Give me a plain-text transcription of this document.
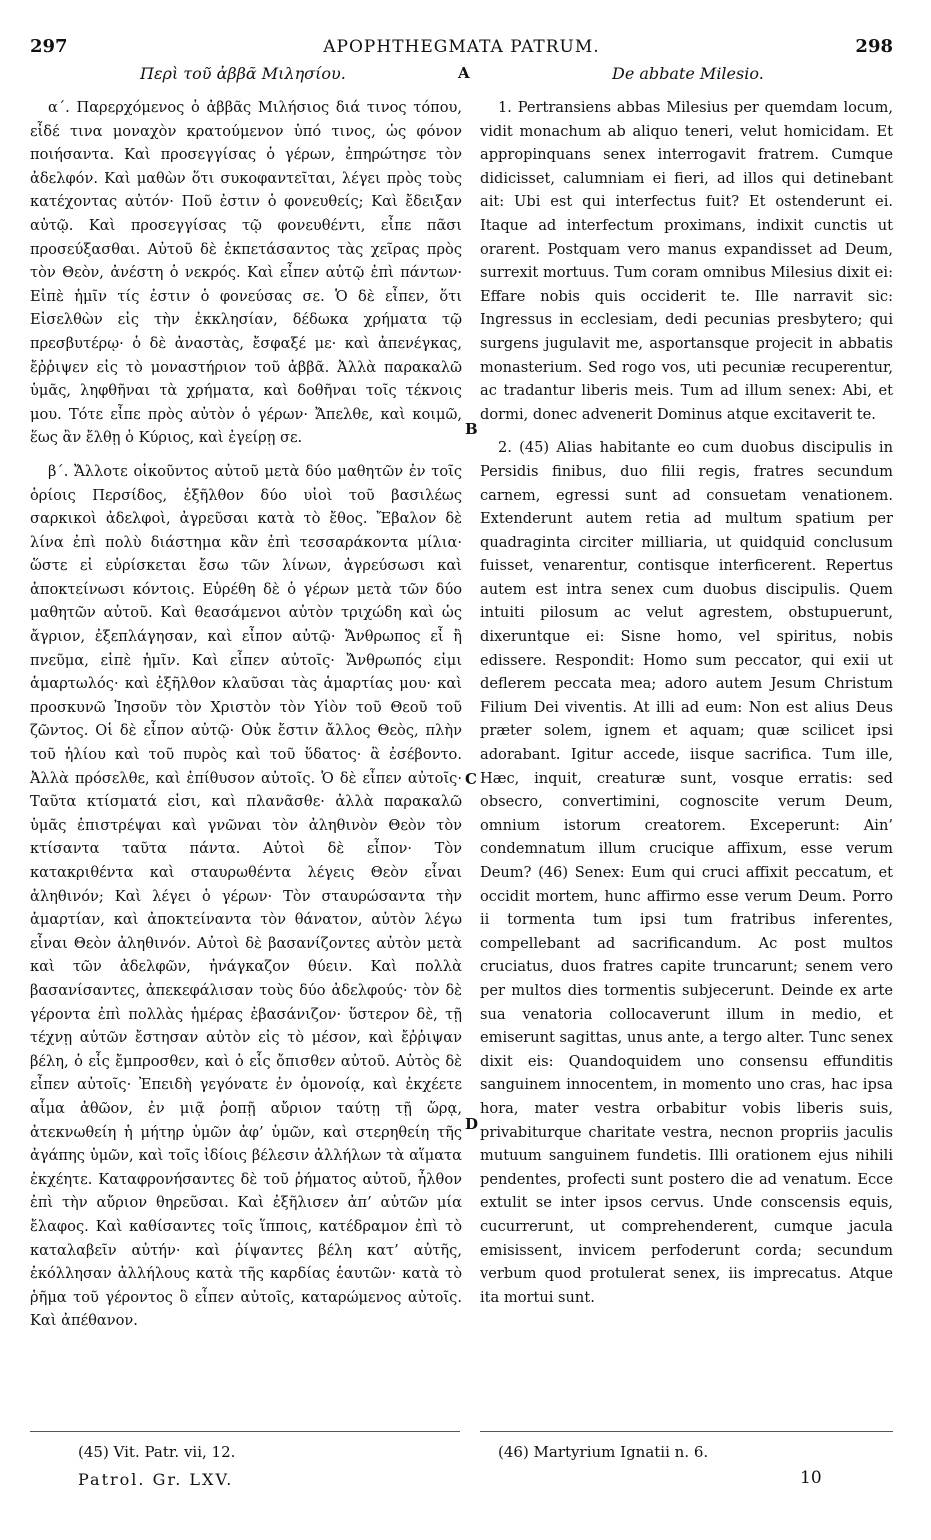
297	ΑΡΟΡΗΤΗΕGMATA PATRUM.	298
Περὶ τοῦ ἀββᾶ Μιλησίου.	A	De abbate Milesio.

α΄. Παρερχόμενος ὁ ἀββᾶς Μιλήσιος διά τινος τόπου, εἶδέ τινα μοναχὸν κρατούμενον ὑπό τινος, ὡς φόνον ποιήσαντα. Καὶ προσεγγίσας ὁ γέρων, ἐπηρώτησε τὸν ἀδελφόν. Καὶ μαθὼν ὅτι συκοφαντεῖται, λέγει πρὸς τοὺς κατέχοντας αὐτόν· Ποῦ ἐστιν ὁ φονευθείς; Καὶ ἔδειξαν αὐτῷ. Καὶ προσεγγίσας τῷ φονευθέντι, εἶπε πᾶσι προσεύξασθαι. Αὐτοῦ δὲ ἐκπετάσαντος τὰς χεῖρας πρὸς τὸν Θεὸν, ἀνέστη ὁ νεκρός. Καὶ εἶπεν αὐτῷ ἐπὶ πάντων· Εἰπὲ ἡμῖν τίς ἐστιν ὁ φονεύσας σε. Ὁ δὲ εἶπεν, ὅτι Εἰσελθὼν εἰς τὴν ἐκκλησίαν, δέδωκα χρήματα τῷ πρεσβυτέρῳ· ὁ δὲ ἀναστὰς, ἔσφαξέ με· καὶ ἀπενέγκας, ἔῤῥιψεν εἰς τὸ μοναστήριον τοῦ ἀββᾶ. Ἀλλὰ παρακαλῶ ὑμᾶς, ληφθῆναι τὰ χρήματα, καὶ δοθῆναι τοῖς τέκνοις μου. Τότε εἶπε πρὸς αὐτὸν ὁ γέρων· Ἄπελθε, καὶ κοιμῶ, ἕως ἂν ἔλθῃ ὁ Κύριος, καὶ ἐγείρῃ σε.

β΄. Ἄλλοτε οἰκοῦντος αὐτοῦ μετὰ δύο μαθητῶν ἐν τοῖς ὁρίοις Περσίδος, ἐξῆλθον δύο υἱοὶ τοῦ βασιλέως σαρκικοὶ ἀδελφοὶ, ἀγρεῦσαι κατὰ τὸ ἔθος. Ἔβαλον δὲ λίνα ἐπὶ πολὺ διάστημα κἂν ἐπὶ τεσσαράκοντα μίλια· ὥστε εἰ εὑρίσκεται ἔσω τῶν λίνων, ἀγρεύσωσι καὶ ἀποκτείνωσι κόντοις. Εὑρέθη δὲ ὁ γέρων μετὰ τῶν δύο μαθητῶν αὐτοῦ. Καὶ θεασάμενοι αὐτὸν τριχώδη καὶ ὡς ἄγριον, ἐξεπλάγησαν, καὶ εἶπον αὐτῷ· Ἄνθρωπος εἶ ἢ πνεῦμα, εἰπὲ ἡμῖν. Καὶ εἶπεν αὐτοῖς· Ἄνθρωπός εἰμι ἁμαρτωλός· καὶ ἐξῆλθον κλαῦσαι τὰς ἁμαρτίας μου· καὶ προσκυνῶ Ἰησοῦν τὸν Χριστὸν τὸν Υἱὸν τοῦ Θεοῦ τοῦ ζῶντος. Οἱ δὲ εἶπον αὐτῷ· Οὐκ ἔστιν ἄλλος Θεὸς, πλὴν τοῦ ἡλίου καὶ τοῦ πυρὸς καὶ τοῦ ὕδατος· ἃ ἐσέβοντο. Ἀλλὰ πρόσελθε, καὶ ἐπίθυσον αὐτοῖς. Ὁ δὲ εἶπεν αὐτοῖς· Ταῦτα κτίσματά εἰσι, καὶ πλανᾶσθε· ἀλλὰ παρακαλῶ ὑμᾶς ἐπιστρέψαι καὶ γνῶναι τὸν ἀληθινὸν Θεὸν τὸν κτίσαντα ταῦτα πάντα. Αὐτοὶ δὲ εἶπον· Τὸν κατακριθέντα καὶ σταυρωθέντα λέγεις Θεὸν εἶναι ἀληθινόν; Καὶ λέγει ὁ γέρων· Τὸν σταυρώσαντα τὴν ἁμαρτίαν, καὶ ἀποκτείναντα τὸν θάνατον, αὐτὸν λέγω εἶναι Θεὸν ἀληθινόν. Αὐτοὶ δὲ βασανίζοντες αὐτὸν μετὰ καὶ τῶν ἀδελφῶν, ἠνάγκαζον θύειν. Καὶ πολλὰ βασανίσαντες, ἀπεκεφάλισαν τοὺς δύο ἀδελφούς· τὸν δὲ γέροντα ἐπὶ πολλὰς ἡμέρας ἐβασάνιζον· ὕστερον δὲ, τῇ τέχνῃ αὐτῶν ἔστησαν αὐτὸν εἰς τὸ μέσον, καὶ ἔῤῥιψαν βέλη, ὁ εἷς ἔμπροσθεν, καὶ ὁ εἷς ὄπισθεν αὐτοῦ. Αὐτὸς δὲ εἶπεν αὐτοῖς· Ἐπειδὴ γεγόνατε ἐν ὁμονοίᾳ, καὶ ἐκχέετε αἷμα ἀθῶον, ἐν μιᾷ ῥοπῇ αὔριον ταύτῃ τῇ ὥρᾳ, ἀτεκνωθείη ἡ μήτηρ ὑμῶν ἀφ’ ὑμῶν, καὶ στερηθείη τῆς ἀγάπης ὑμῶν, καὶ τοῖς ἰδίοις βέλεσιν ἀλλήλων τὰ αἵματα ἐκχέητε. Καταφρονήσαντες δὲ τοῦ ῥήματος αὐτοῦ, ἦλθον ἐπὶ τὴν αὔριον θηρεῦσαι. Καὶ ἐξῆλισεν ἀπ’ αὐτῶν μία ἔλαφος. Καὶ καθίσαντες τοῖς ἵπποις, κατέδραμον ἐπὶ τὸ καταλαβεῖν αὐτήν· καὶ ῥίψαντες βέλη κατ’ αὐτῆς, ἐκόλλησαν ἀλλήλους κατὰ τῆς καρδίας ἑαυτῶν· κατὰ τὸ ῥῆμα τοῦ γέροντος ὃ εἶπεν αὐτοῖς, καταρώμενος αὐτοῖς. Καὶ ἀπέθανον.

1. Pertransiens abbas Milesius per quemdam locum, vidit monachum ab aliquo teneri, velut homicidam. Et appropinquans senex interrogavit fratrem. Cumque didicisset, calumniam ei fieri, ad illos qui detinebant ait: Ubi est qui interfectus fuit? Et ostenderunt ei. Itaque ad interfectum proximans, indixit cunctis ut orarent. Postquam vero manus expandisset ad Deum, surrexit mortuus. Tum coram omnibus Milesius dixit ei: Effare nobis quis occiderit te. Ille narravit sic: Ingressus in ecclesiam, dedi pecunias presbytero; qui surgens jugulavit me, asportansque projecit in abbatis monasterium. Sed rogo vos, uti pecuniæ recuperentur, ac tradantur liberis meis. Tum ad illum senex: Abi, et dormi, donec advenerit Dominus atque excitaverit te.

2. (45) Alias habitante eo cum duobus discipulis in Persidis finibus, duo filii regis, fratres secundum carnem, egressi sunt ad consuetam venationem. Extenderunt autem retia ad multum spatium per quadraginta circiter milliaria, ut quidquid conclusum fuisset, venarentur, contisque interficerent. Repertus autem est intra senex cum duobus discipulis. Quem intuiti pilosum ac velut agrestem, obstupuerunt, dixeruntque ei: Sisne homo, vel spiritus, nobis edissere. Respondit: Homo sum peccator, qui exii ut deflerem peccata mea; adoro autem Jesum Christum Filium Dei viventis. At illi ad eum: Non est alius Deus præter solem, ignem et aquam; quæ scilicet ipsi adorabant. Igitur accede, iisque sacrifica. Tum ille, Hæc, inquit, creaturæ sunt, vosque erratis: sed obsecro, convertimini, cognoscite verum Deum, omnium istorum creatorem. Exceperunt: Ain’ condemnatum illum crucique affixum, esse verum Deum? (46) Senex: Eum qui cruci affixit peccatum, et occidit mortem, hunc affirmo esse verum Deum. Porro ii tormenta tum ipsi tum fratribus inferentes, compellebant ad sacrificandum. Ac post multos cruciatus, duos fratres capite truncarunt; senem vero per multos dies tormentis subjecerunt. Deinde ex arte sua venatoria collocaverunt illum in medio, et emiserunt sagittas, unus ante, a tergo alter. Tunc senex dixit eis: Quandoquidem uno consensu effunditis sanguinem innocentem, in momento uno cras, hac ipsa hora, mater vestra orbabitur vobis liberis suis, privabiturque charitate vestra, necnon propriis jaculis mutuum sanguinem fundetis. Illi orationem ejus nihili pendentes, profecti sunt postero die ad venatum. Ecce extulit se inter ipsos cervus. Unde conscensis equis, cucurrerunt, ut comprehenderent, cumque jacula emisissent, invicem perfoderunt corda; secundum verbum quod protulerat senex, iis imprecatus. Atque ita mortui sunt.

B
C
D
(45) Vit. Patr. vii, 12.	(46) Martyrium Ignatii n. 6.
Patrol. Gr. LXV.	10
